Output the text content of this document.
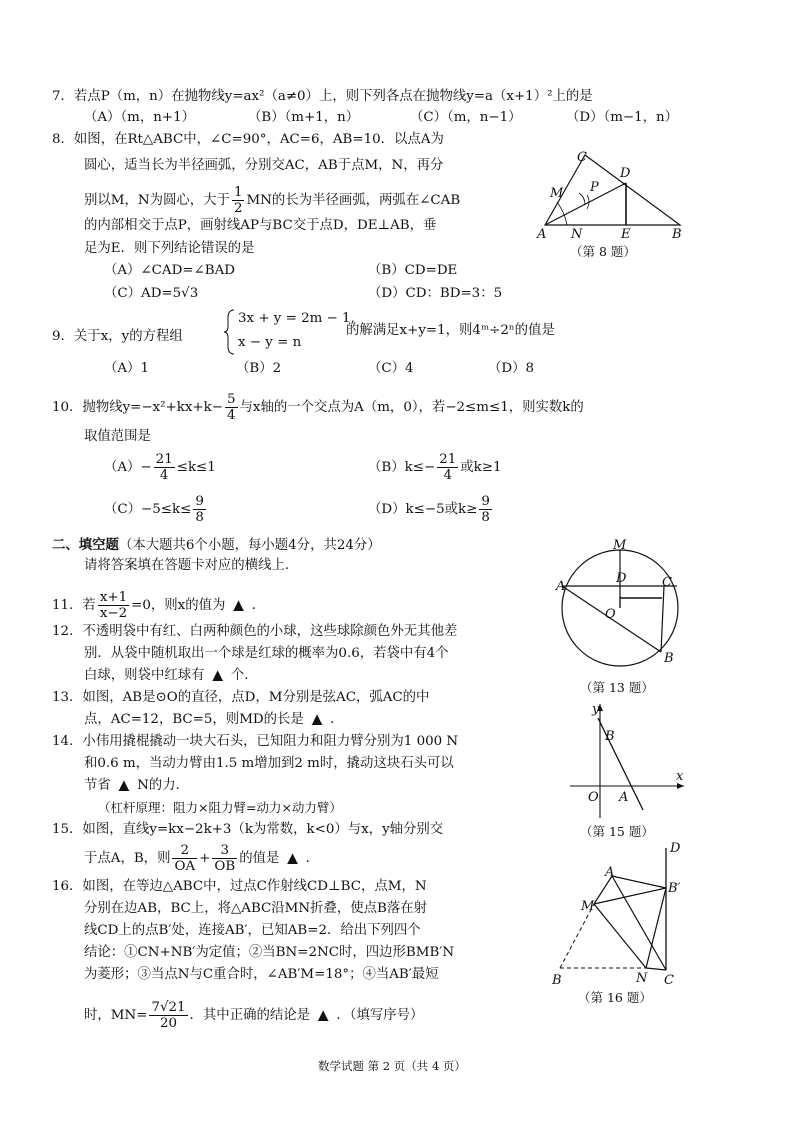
7．若点P（m，n）在抛物线y=ax²（a≠0）上，则下列各点在抛物线y=a（x+1）²上的是
（A）（m，n+1）	（B）（m+1，n）	（C）（m，n−1）	（D）（m−1，n）
8．如图，在Rt△ABC中，∠C=90°，AC=6，AB=10．以点A为
圆心，适当长为半径画弧，分别交AC，AB于点M，N，再分
别以M，N为圆心，大于 $\frac{1}{2}$ MN的长为半径画弧，两弧在∠CAB
的内部相交于点P，画射线AP与BC交于点D，DE⊥AB，垂
足为E．则下列结论错误的是
（A）∠CAD=∠BAD	（B）CD=DE
（C）AD=5√3	（D）CD：BD=3：5
C
D
M P
A N	E	B
（第 8 题）
9．关于x，y的方程组
3x + y = 2m − 1,
x − y = n
的解满足x+y=1，则4ᵐ÷2ⁿ的值是
（A）1	（B）2	（C）4	（D）8
10．抛物线$y=-x^2+kx+k- \frac{5}{4}$ 与x轴的一个交点为A（m，0），若−2≤m≤1，则实数k的
取值范围是
$(A)- \frac{21}{4} \le k\le 1$	$(B)k\le- \frac{21}{4}$ 或k≥1
$(C)-5\le k\le \frac{9}{8}$	（D）k≤−5或$k\ge \frac{9}{8}$
二、填空题（本大题共6个小题，每小题4分，共24分）
请将答案填在答题卡对应的横线上．
11．若 $\frac{x+1}{x-2} =0$，则x的值为 ▲ ．
12．不透明袋中有红、白两种颜色的小球，这些球除颜色外无其他差
别．从袋中随机取出一个球是红球的概率为0.6，若袋中有4个
白球，则袋中红球有 ▲ 个．
M
A
D	C
O
B
（第 13 题）
13．如图，AB是⊙O的直径，点D，M分别是弦AC，弧AC的中
点，AC=12，BC=5，则MD的长是 ▲ ．
14．小伟用撬棍撬动一块大石头，已知阻力和阻力臂分别为1 000 N
和0.6 m，当动力臂由1.5 m增加到2 m时，撬动这块石头可以
节省 ▲ N的力．
（杠杆原理：阻力×阻力臂=动力×动力臂）
y
x
B
O A
（第 15 题）
15．如图，直线y=kx−2k+3（k为常数，k<0）与x，y轴分别交
于点A，B，则 $\frac{2}{OA} + \frac{3}{OB}$ 的值是 ▲ ．
D
A
B′
M
B	N C
（第 16 题）
16．如图，在等边△ABC中，过点C作射线CD⊥BC，点M，N
分别在边AB，BC上，将△ABC沿MN折叠，使点B落在射
线CD上的点B′处，连接AB′，已知AB=2．给出下列四个
结论：①CN+NB′为定值；②当BN=2NC时，四边形BMB′N
为菱形；③当点N与C重合时，∠AB′M=18°；④当AB′最短
时，$MN= \frac{7√21}{20}$ ．其中正确的结论是 ▲ ．（填写序号）
数学试题 第 2 页（共 4 页）
